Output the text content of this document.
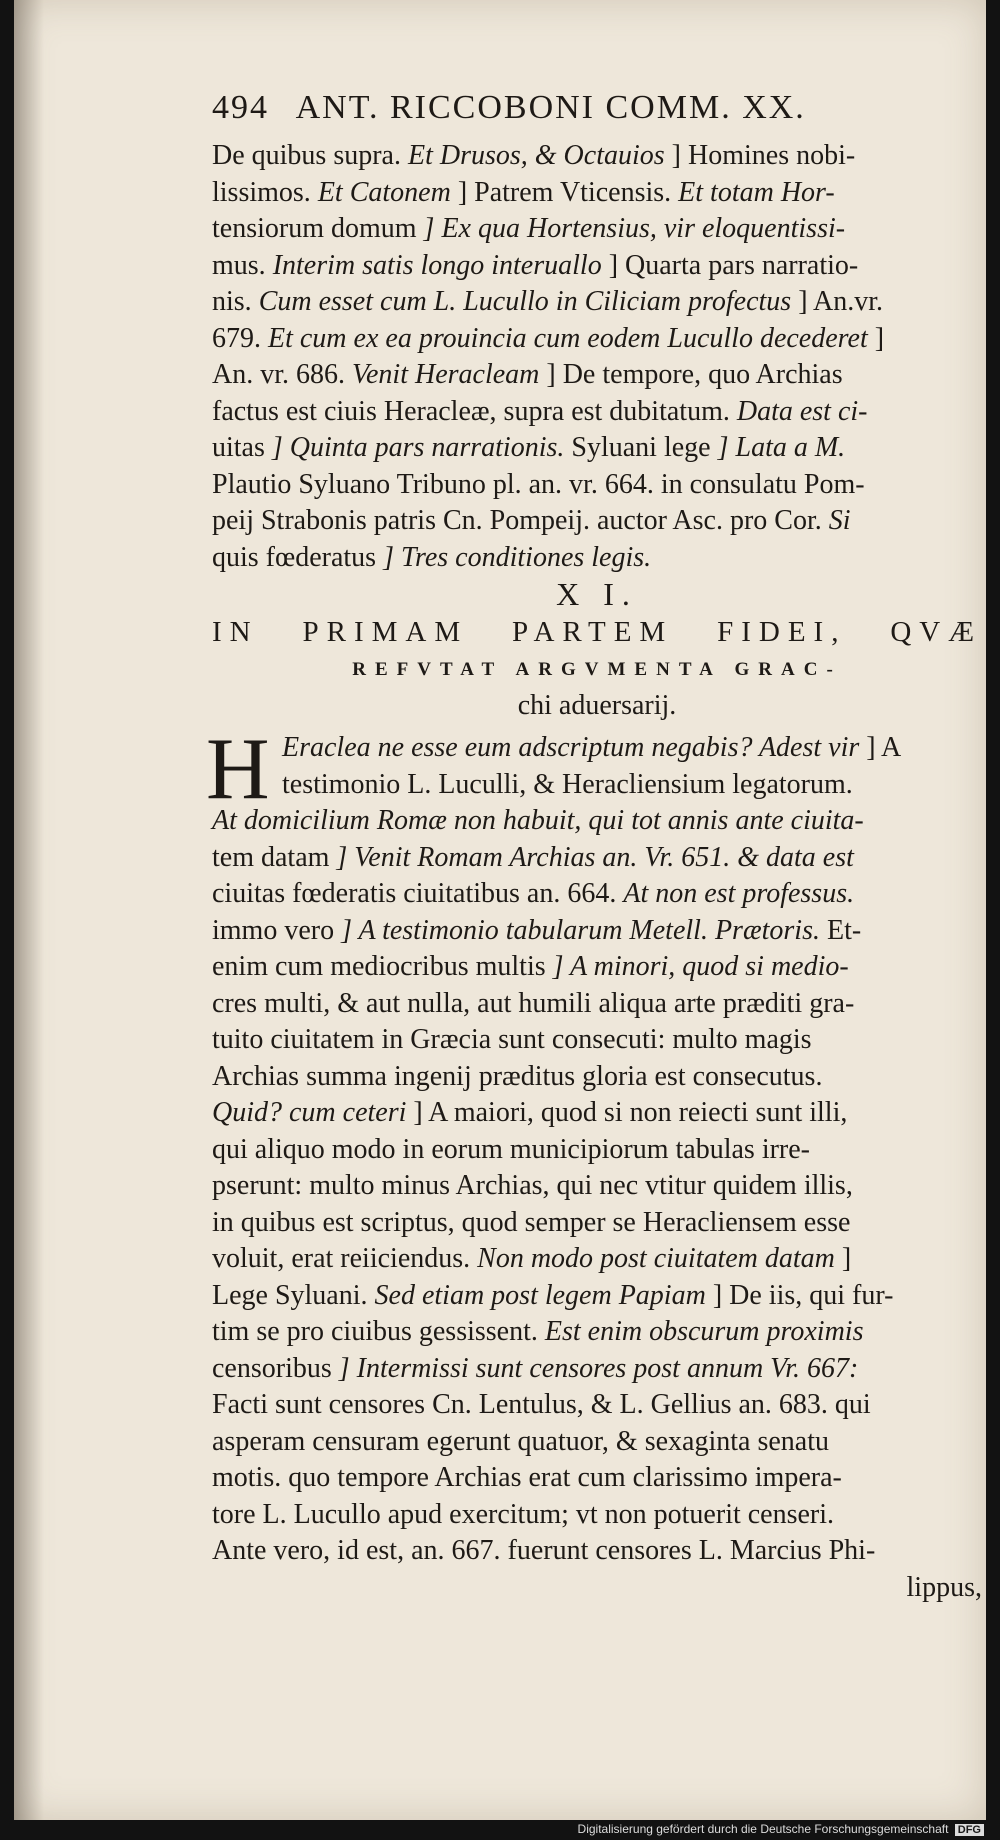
494 ANT. RICCOBONI COMM. XX.
De quibus supra. Et Drusos, & Octauios ] Homines nobi-
lissimos. Et Catonem ] Patrem Vticensis. Et totam Hor-
tensiorum domum ] Ex qua Hortensius, vir eloquentissi-
mus. Interim satis longo interuallo ] Quarta pars narratio-
nis. Cum esset cum L. Lucullo in Ciliciam profectus ] An.vr.
679. Et cum ex ea prouincia cum eodem Lucullo decederet ]
An. vr. 686. Venit Heracleam ] De tempore, quo Archias
factus est ciuis Heracleæ, supra est dubitatum. Data est ci-
uitas ] Quinta pars narrationis. Syluani lege ] Lata a M.
Plautio Syluano Tribuno pl. an. vr. 664. in consulatu Pom-
peij Strabonis patris Cn. Pompeij. auctor Asc. pro Cor. Si
quis fœderatus ] Tres conditiones legis.
X I.
IN PRIMAM PARTEM FIDEI, QVÆ
REFVTAT ARGVMENTA GRAC-
chi aduersarij.
H Eraclea ne esse eum adscriptum negabis? Adest vir ] A
testimonio L. Luculli, & Heracliensium legatorum.
At domicilium Romæ non habuit, qui tot annis ante ciuita-
tem datam ] Venit Romam Archias an. Vr. 651. & data est
ciuitas fœderatis ciuitatibus an. 664. At non est professus.
immo vero ] A testimonio tabularum Metell. Prætoris. Et-
enim cum mediocribus multis ] A minori, quod si medio-
cres multi, & aut nulla, aut humili aliqua arte præditi gra-
tuito ciuitatem in Græcia sunt consecuti: multo magis
Archias summa ingenij præditus gloria est consecutus.
Quid? cum ceteri ] A maiori, quod si non reiecti sunt illi,
qui aliquo modo in eorum municipiorum tabulas irre-
pserunt: multo minus Archias, qui nec vtitur quidem illis,
in quibus est scriptus, quod semper se Heracliensem esse
voluit, erat reiiciendus. Non modo post ciuitatem datam ]
Lege Syluani. Sed etiam post legem Papiam ] De iis, qui fur-
tim se pro ciuibus gessissent. Est enim obscurum proximis
censoribus ] Intermissi sunt censores post annum Vr. 667:
Facti sunt censores Cn. Lentulus, & L. Gellius an. 683. qui
asperam censuram egerunt quatuor, & sexaginta senatu
motis. quo tempore Archias erat cum clarissimo impera-
tore L. Lucullo apud exercitum; vt non potuerit censeri.
Ante vero, id est, an. 667. fuerunt censores L. Marcius Phi-
lippus,
Digitalisierung gefördert durch die Deutsche Forschungsgemeinschaft DFG
